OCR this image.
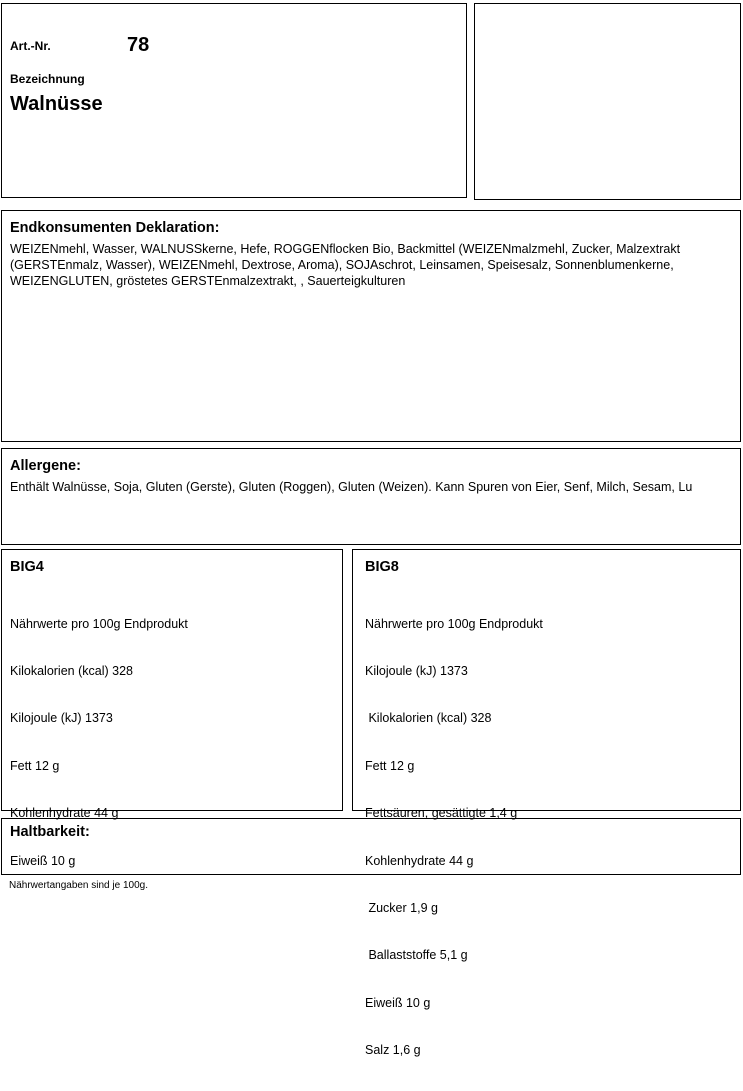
Art.-Nr.	78
Bezeichnung
Walnüsse
Endkonsumenten Deklaration:
WEIZENmehl, Wasser, WALNUSSkerne, Hefe, ROGGENflocken Bio, Backmittel (WEIZENmalzmehl, Zucker, Malzextrakt (GERSTEnmalz, Wasser), WEIZENmehl, Dextrose, Aroma), SOJAschrot, Leinsamen, Speisesalz, Sonnenblumenkerne, WEIZENGLUTEN, gröstetes GERSTEnmalzextrakt, , Sauerteigkulturen
Allergene:
Enthält Walnüsse, Soja, Gluten (Gerste), Gluten (Roggen), Gluten (Weizen). Kann Spuren von Eier, Senf, Milch, Sesam, Lu
BIG4

Nährwerte pro 100g Endprodukt

Kilokalorien (kcal) 328

Kilojoule (kJ) 1373

Fett 12 g

Kohlenhydrate 44 g

Eiweiß 10 g

BIG8

Nährwerte pro 100g Endprodukt

Kilojoule (kJ) 1373

Kilokalorien (kcal) 328

Fett 12 g

Fettsäuren, gesättigte 1,4 g

Kohlenhydrate 44 g

Zucker 1,9 g

Ballaststoffe 5,1 g

Eiweiß 10 g

Salz 1,6 g

Haltbarkeit:
Nährwertangaben sind je 100g.
